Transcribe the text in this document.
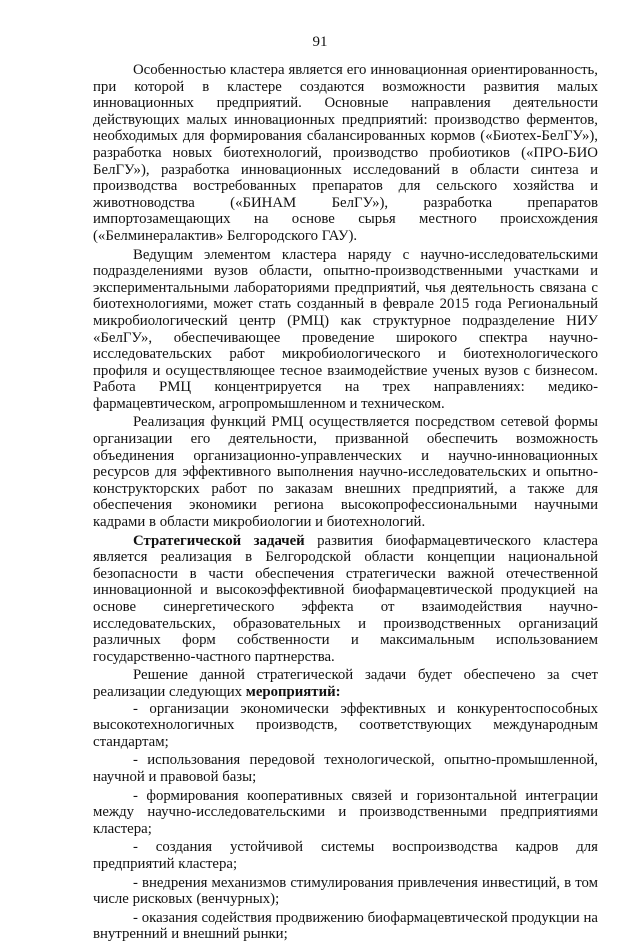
91

Особенностью кластера является его инновационная ориентированность, при которой в кластере создаются возможности развития малых инновационных предприятий. Основные направления деятельности действующих малых инновационных предприятий: производство ферментов, необходимых для формирования сбалансированных кормов («Биотех-БелГУ»), разработка новых биотехнологий, производство пробиотиков («ПРО-БИО БелГУ»), разработка инновационных исследований в области синтеза и производства востребованных препаратов для сельского хозяйства и животноводства («БИНАМ БелГУ»), разработка препаратов импортозамещающих на основе сырья местного происхождения («Белминералактив» Белгородского ГАУ).

Ведущим элементом кластера наряду с научно-исследовательскими подразделениями вузов области, опытно-производственными участками и экспериментальными лабораториями предприятий, чья деятельность связана с биотехнологиями, может стать созданный в феврале 2015 года Региональный микробиологический центр (РМЦ) как структурное подразделение НИУ «БелГУ», обеспечивающее проведение широкого спектра научно-исследовательских работ микробиологического и биотехнологического профиля и осуществляющее тесное взаимодействие ученых вузов с бизнесом. Работа РМЦ концентрируется на трех направлениях: медико-фармацевтическом, агропромышленном и техническом.

Реализация функций РМЦ осуществляется посредством сетевой формы организации его деятельности, призванной обеспечить возможность объединения организационно-управленческих и научно-инновационных ресурсов для эффективного выполнения научно-исследовательских и опытно-конструкторских работ по заказам внешних предприятий, а также для обеспечения экономики региона высокопрофессиональными научными кадрами в области микробиологии и биотехнологий.

Стратегической задачей развития биофармацевтического кластера является реализация в Белгородской области концепции национальной безопасности в части обеспечения стратегически важной отечественной инновационной и высокоэффективной биофармацевтической продукцией на основе синергетического эффекта от взаимодействия научно-исследовательских, образовательных и производственных организаций различных форм собственности и максимальным использованием государственно-частного партнерства.

Решение данной стратегической задачи будет обеспечено за счет реализации следующих мероприятий:

- организации экономически эффективных и конкурентоспособных высокотехнологичных производств, соответствующих международным стандартам;

- использования передовой технологической, опытно-промышленной, научной и правовой базы;

- формирования кооперативных связей и горизонтальной интеграции между научно-исследовательскими и производственными предприятиями кластера;

- создания устойчивой системы воспроизводства кадров для предприятий кластера;

- внедрения механизмов стимулирования привлечения инвестиций, в том числе рисковых (венчурных);

- оказания содействия продвижению биофармацевтической продукции на внутренний и внешний рынки;
